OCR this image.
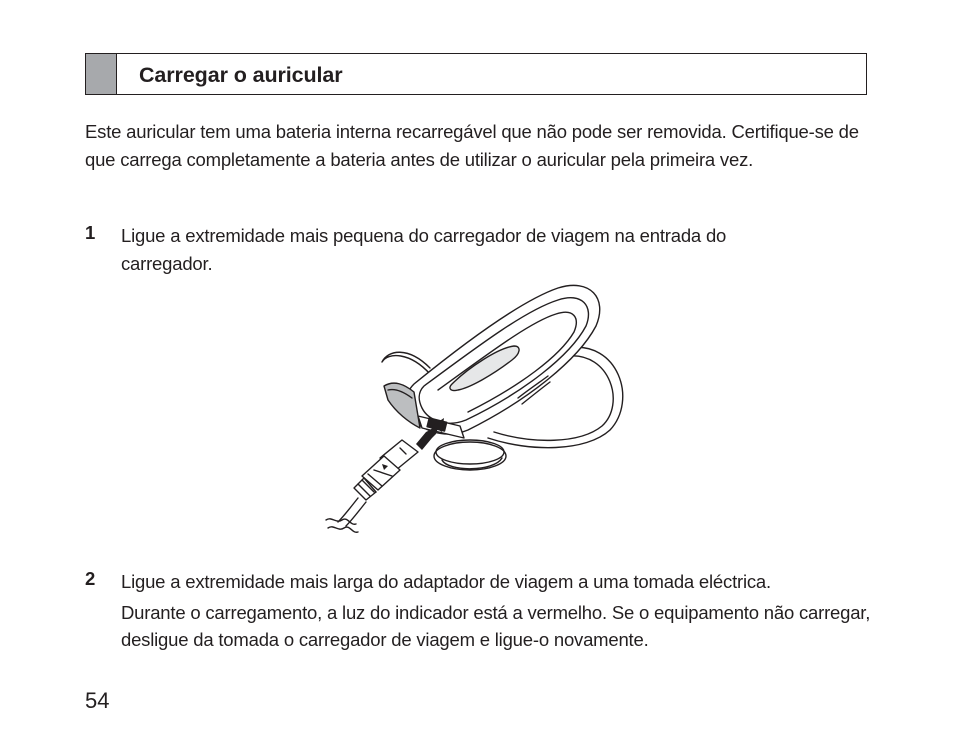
Carregar o auricular
Este auricular tem uma bateria interna recarregável que não pode ser removida. Certifique-se de que carrega completamente a bateria antes de utilizar o auricular pela primeira vez.
1 Ligue a extremidade mais pequena do carregador de viagem na entrada do carregador.
2 Ligue a extremidade mais larga do adaptador de viagem a uma tomada eléctrica.

Durante o carregamento, a luz do indicador está a vermelho. Se o equipamento não carregar, desligue da tomada o carregador de viagem e ligue-o novamente.

54
